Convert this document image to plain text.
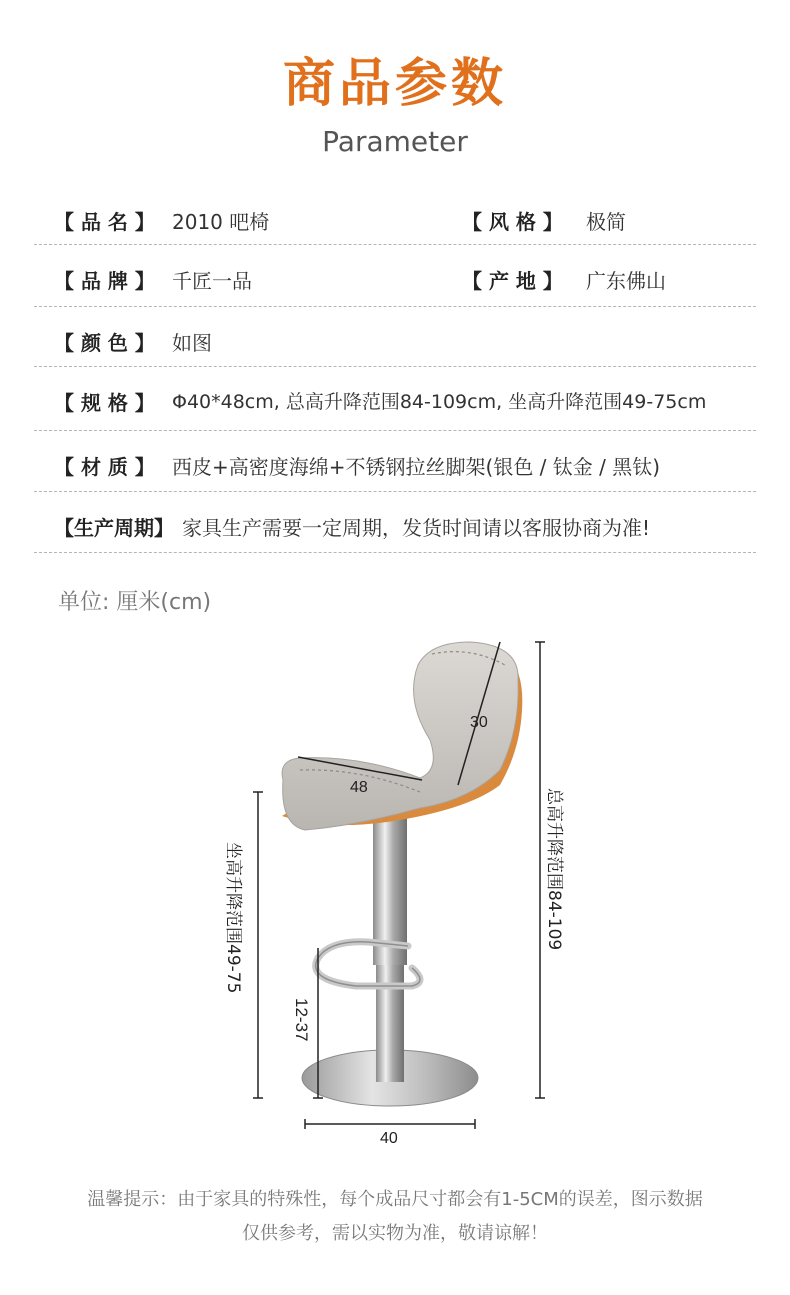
商品参数
Parameter
【 品 名 】 2010 吧椅	【 风 格 】 极简
【 品 牌 】 千匠一品	【 产 地 】 广东佛山
【 颜 色 】 如图
【 规 格 】 Φ40*48cm, 总高升降范围84-109cm, 坐高升降范围49-75cm
【 材 质 】 西皮+高密度海绵+不锈钢拉丝脚架(银色 / 钛金 / 黑钛)
【生产周期】 家具生产需要一定周期，发货时间请以客服协商为准!
单位: 厘米(cm)
30
48
总高升降范围84-109
坐高升降范围49-75
12-37
40
温馨提示：由于家具的特殊性，每个成品尺寸都会有1-5CM的误差，图示数据
仅供参考，需以实物为准，敬请谅解！
